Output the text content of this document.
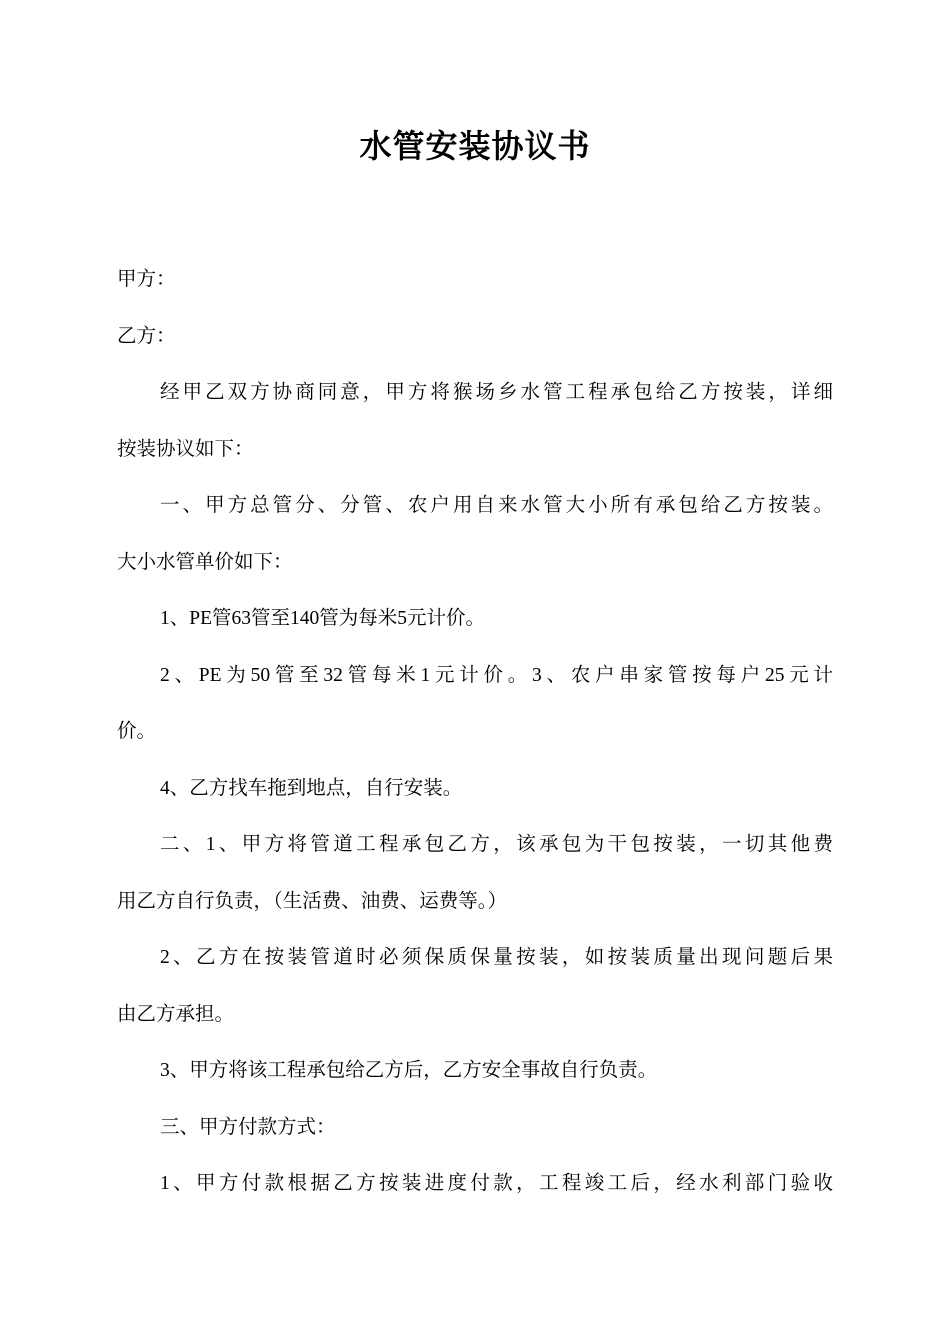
水管安装协议书
甲方：
乙方：
经甲乙双方协商同意，甲方将猴场乡水管工程承包给乙方按装，详细
按装协议如下：
一、甲方总管分、分管、农户用自来水管大小所有承包给乙方按装。
大小水管单价如下：
1、PE管63管至140管为每米5元计价。
2、PE为50管至32管每米1元计价。3、农户串家管按每户25元计
价。
4、乙方找车拖到地点，自行安装。
二、1、甲方将管道工程承包乙方，该承包为干包按装，一切其他费
用乙方自行负责，（生活费、油费、运费等。）
2、乙方在按装管道时必须保质保量按装，如按装质量出现问题后果
由乙方承担。
3、甲方将该工程承包给乙方后，乙方安全事故自行负责。
三、甲方付款方式：
1、甲方付款根据乙方按装进度付款，工程竣工后，经水利部门验收
